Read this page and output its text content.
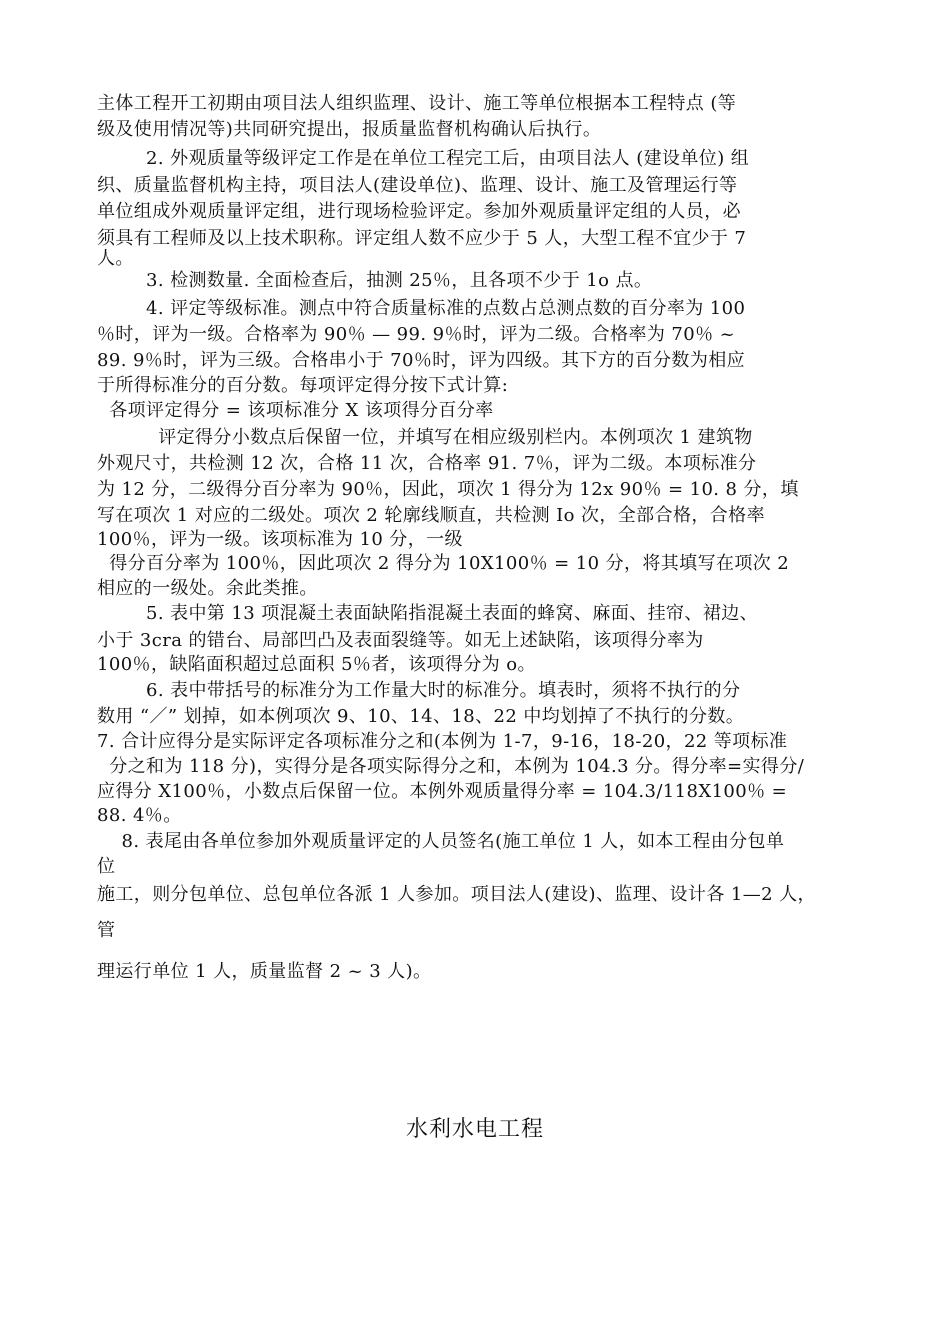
主体工程开工初期由项目法人组织监理、设计、施工等单位根据本工程特点 (等
级及使用情况等)共同研究提出，报质量监督机构确认后执行。
2. 外观质量等级评定工作是在单位工程完工后，由项目法人 (建设单位) 组
织、质量监督机构主持，项目法人(建设单位)、监理、设计、施工及管理运行等
单位组成外观质量评定组，进行现场检验评定。参加外观质量评定组的人员，必
须具有工程师及以上技术职称。评定组人数不应少于 5 人，大型工程不宜少于 7
人。
3. 检测数量. 全面检查后，抽测 25％，且各项不少于 1o 点。
4. 评定等级标准。测点中符合质量标准的点数占总测点数的百分率为 100
％时，评为一级。合格率为 90％ — 99. 9％时，评为二级。合格率为 70％ ~
89. 9％时，评为三级。合格串小于 70％时，评为四级。其下方的百分数为相应
于所得标准分的百分数。每项评定得分按下式计算:
各项评定得分 = 该项标准分 X 该项得分百分率
评定得分小数点后保留一位，并填写在相应级别栏内。本例项次 1 建筑物
外观尺寸，共检测 12 次，合格 11 次，合格率 91. 7％，评为二级。本项标准分
为 12 分，二级得分百分率为 90％，因此，项次 1 得分为 12x 90％ = 10. 8 分，填
写在项次 1 对应的二级处。项次 2 轮廓线顺直，共检测 Io 次，全部合格，合格率
100％，评为一级。该项标准为 10 分，一级
得分百分率为 100％，因此项次 2 得分为 10X100％ = 10 分，将其填写在项次 2
相应的一级处。余此类推。
5. 表中第 13 项混凝土表面缺陷指混凝土表面的蜂窝、麻面、挂帘、裙边、
小于 3cra 的错台、局部凹凸及表面裂缝等。如无上述缺陷，该项得分率为
100％，缺陷面积超过总面积 5％者，该项得分为 o。
6. 表中带括号的标准分为工作量大时的标准分。填表时，须将不执行的分
数用 “／” 划掉，如本例项次 9、10、14、18、22 中均划掉了不执行的分数。
7. 合计应得分是实际评定各项标准分之和(本例为 1-7，9-16，18-20，22 等项标准
分之和为 118 分)，实得分是各项实际得分之和，本例为 104.3 分。得分率=实得分/
应得分 X100％，小数点后保留一位。本例外观质量得分率 = 104.3/118X100％ =
88. 4％。
8. 表尾由各单位参加外观质量评定的人员签名(施工单位 1 人，如本工程由分包单
位
施工，则分包单位、总包单位各派 1 人参加。项目法人(建设)、监理、设计各 1—2 人，
管
理运行单位 1 人，质量监督 2 ~ 3 人)。
水利水电工程
